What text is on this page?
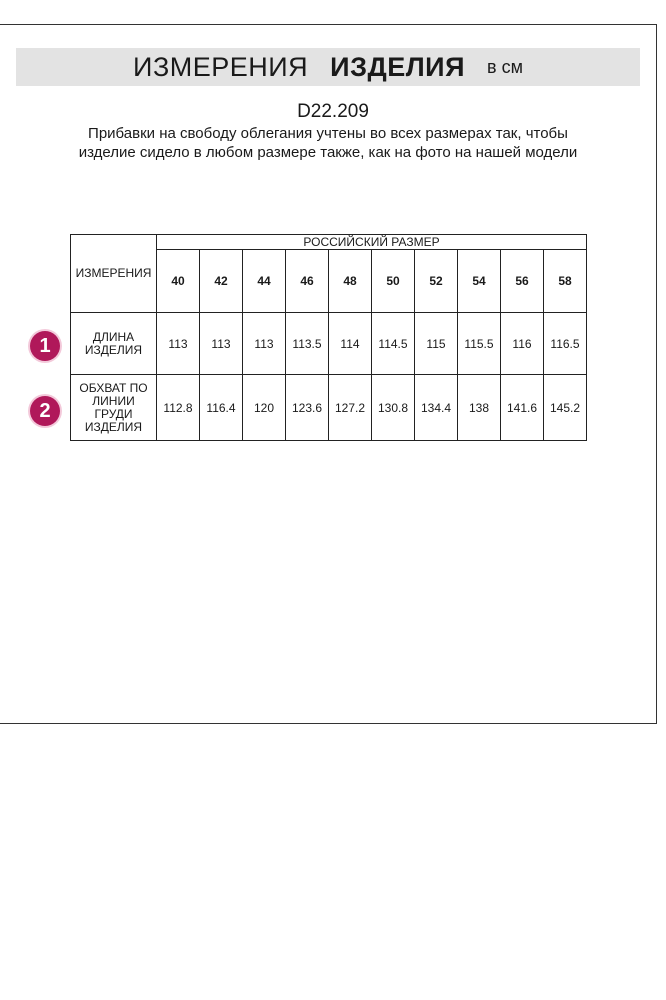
ИЗМЕРЕНИЯ ИЗДЕЛИЯ в см
D22.209
Прибавки на свободу облегания учтены во всех размерах так, чтобы изделие сидело в любом размере также, как на фото на нашей модели
ИЗМЕРЕНИЯ	РОССИЙСКИЙ РАЗМЕР									
	40	42	44	46	48	50	52	54	56	58
ДЛИНА
ИЗДЕЛИЯ	113	113	113	113.5	114	114.5	115	115.5	116	116.5
ОБХВАТ ПО
ЛИНИИ
ГРУДИ
ИЗДЕЛИЯ	112.8	116.4	120	123.6	127.2	130.8	134.4	138	141.6	145.2
1
2
